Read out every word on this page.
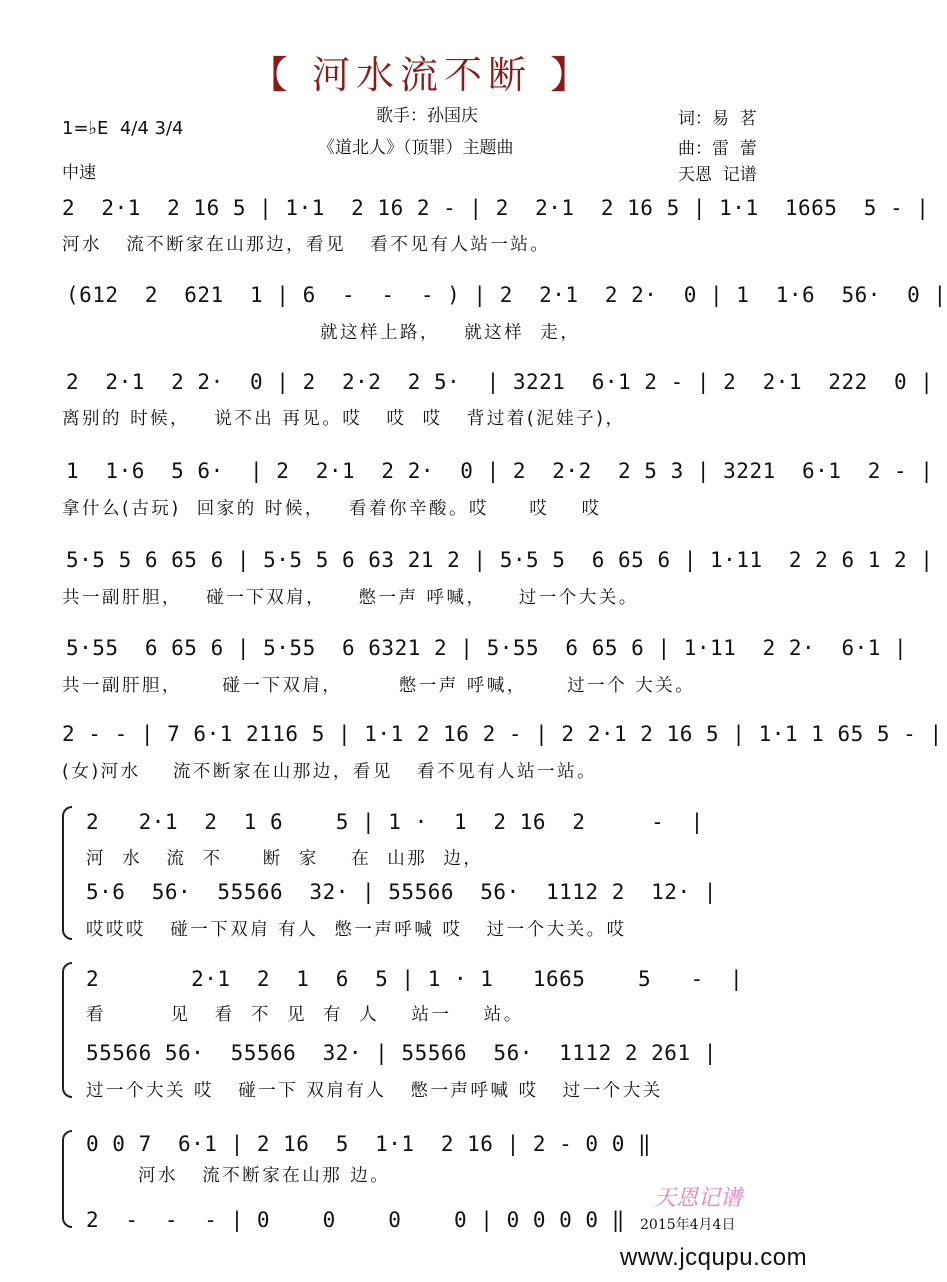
【 河水流不断 】
歌手：孙国庆
《道北人》（顶罪）主题曲
1=♭E  4/4 3/4
中速
词：易  茗
曲：雷  蕾
天恩  记谱
2  2·1  2 16 5 | 1·1  2 16 2 - | 2  2·1  2 16 5 | 1·1  1665  5 - |
河水   流不断家在山那边，看见   看不见有人站一站。
(612  2  621  1 | 6  -  -  - ) | 2  2·1  2 2·  0 | 1  1·6  56·  0 |
就这样上路，   就这样  走，
2  2·1  2 2·  0 | 2  2·2  2 5·  | 3221  6·1 2 - | 2  2·1  222  0 |
离别的 时候，   说不出 再见。哎   哎  哎   背过着(泥娃子)，
1  1·6  5 6·  | 2  2·1  2 2·  0 | 2  2·2  2 5 3 | 3221  6·1  2 - |
拿什么(古玩)  回家的 时候，   看着你辛酸。哎     哎    哎
5·5 5 6 65 6 | 5·5 5 6 63 21 2 | 5·5 5  6 65 6 | 1·11  2 2 6 1 2 |
共一副肝胆，   碰一下双肩，    憋一声 呼喊，    过一个大关。
5·55  6 65 6 | 5·55  6 6321 2 | 5·55  6 65 6 | 1·11  2 2·  6·1 |
共一副肝胆，     碰一下双肩，       憋一声 呼喊，     过一个 大关。
2 - - | 7 6·1 2116 5 | 1·1 2 16 2 - | 2 2·1 2 16 5 | 1·1 1 65 5 - |
(女)河水    流不断家在山那边，看见   看不见有人站一站。
2   2·1  2  1 6    5 | 1 ·  1  2 16  2     -  |
河  水   流  不     断  家    在  山那  边，
5·6  56·  55566  32· | 55566  56·  1112 2  12· |
哎哎哎   碰一下双肩 有人  憋一声呼喊 哎   过一个大关。哎
2       2·1  2  1  6  5 | 1 · 1   1665    5   -  |
看        见   看  不  见  有  人    站一    站。
55566 56·  55566  32· | 55566  56·  1112 2 261 |
过一个大关 哎   碰一下 双肩有人   憋一声呼喊 哎   过一个大关
0 0 7  6·1 | 2 16  5  1·1  2 16 | 2 - 0 0 ‖
河水   流不断家在山那 边。
2  -  -  - | 0    0    0    0 | 0 0 0 0 ‖
天恩记谱
2015年4月4日
www.jcqupu.com
